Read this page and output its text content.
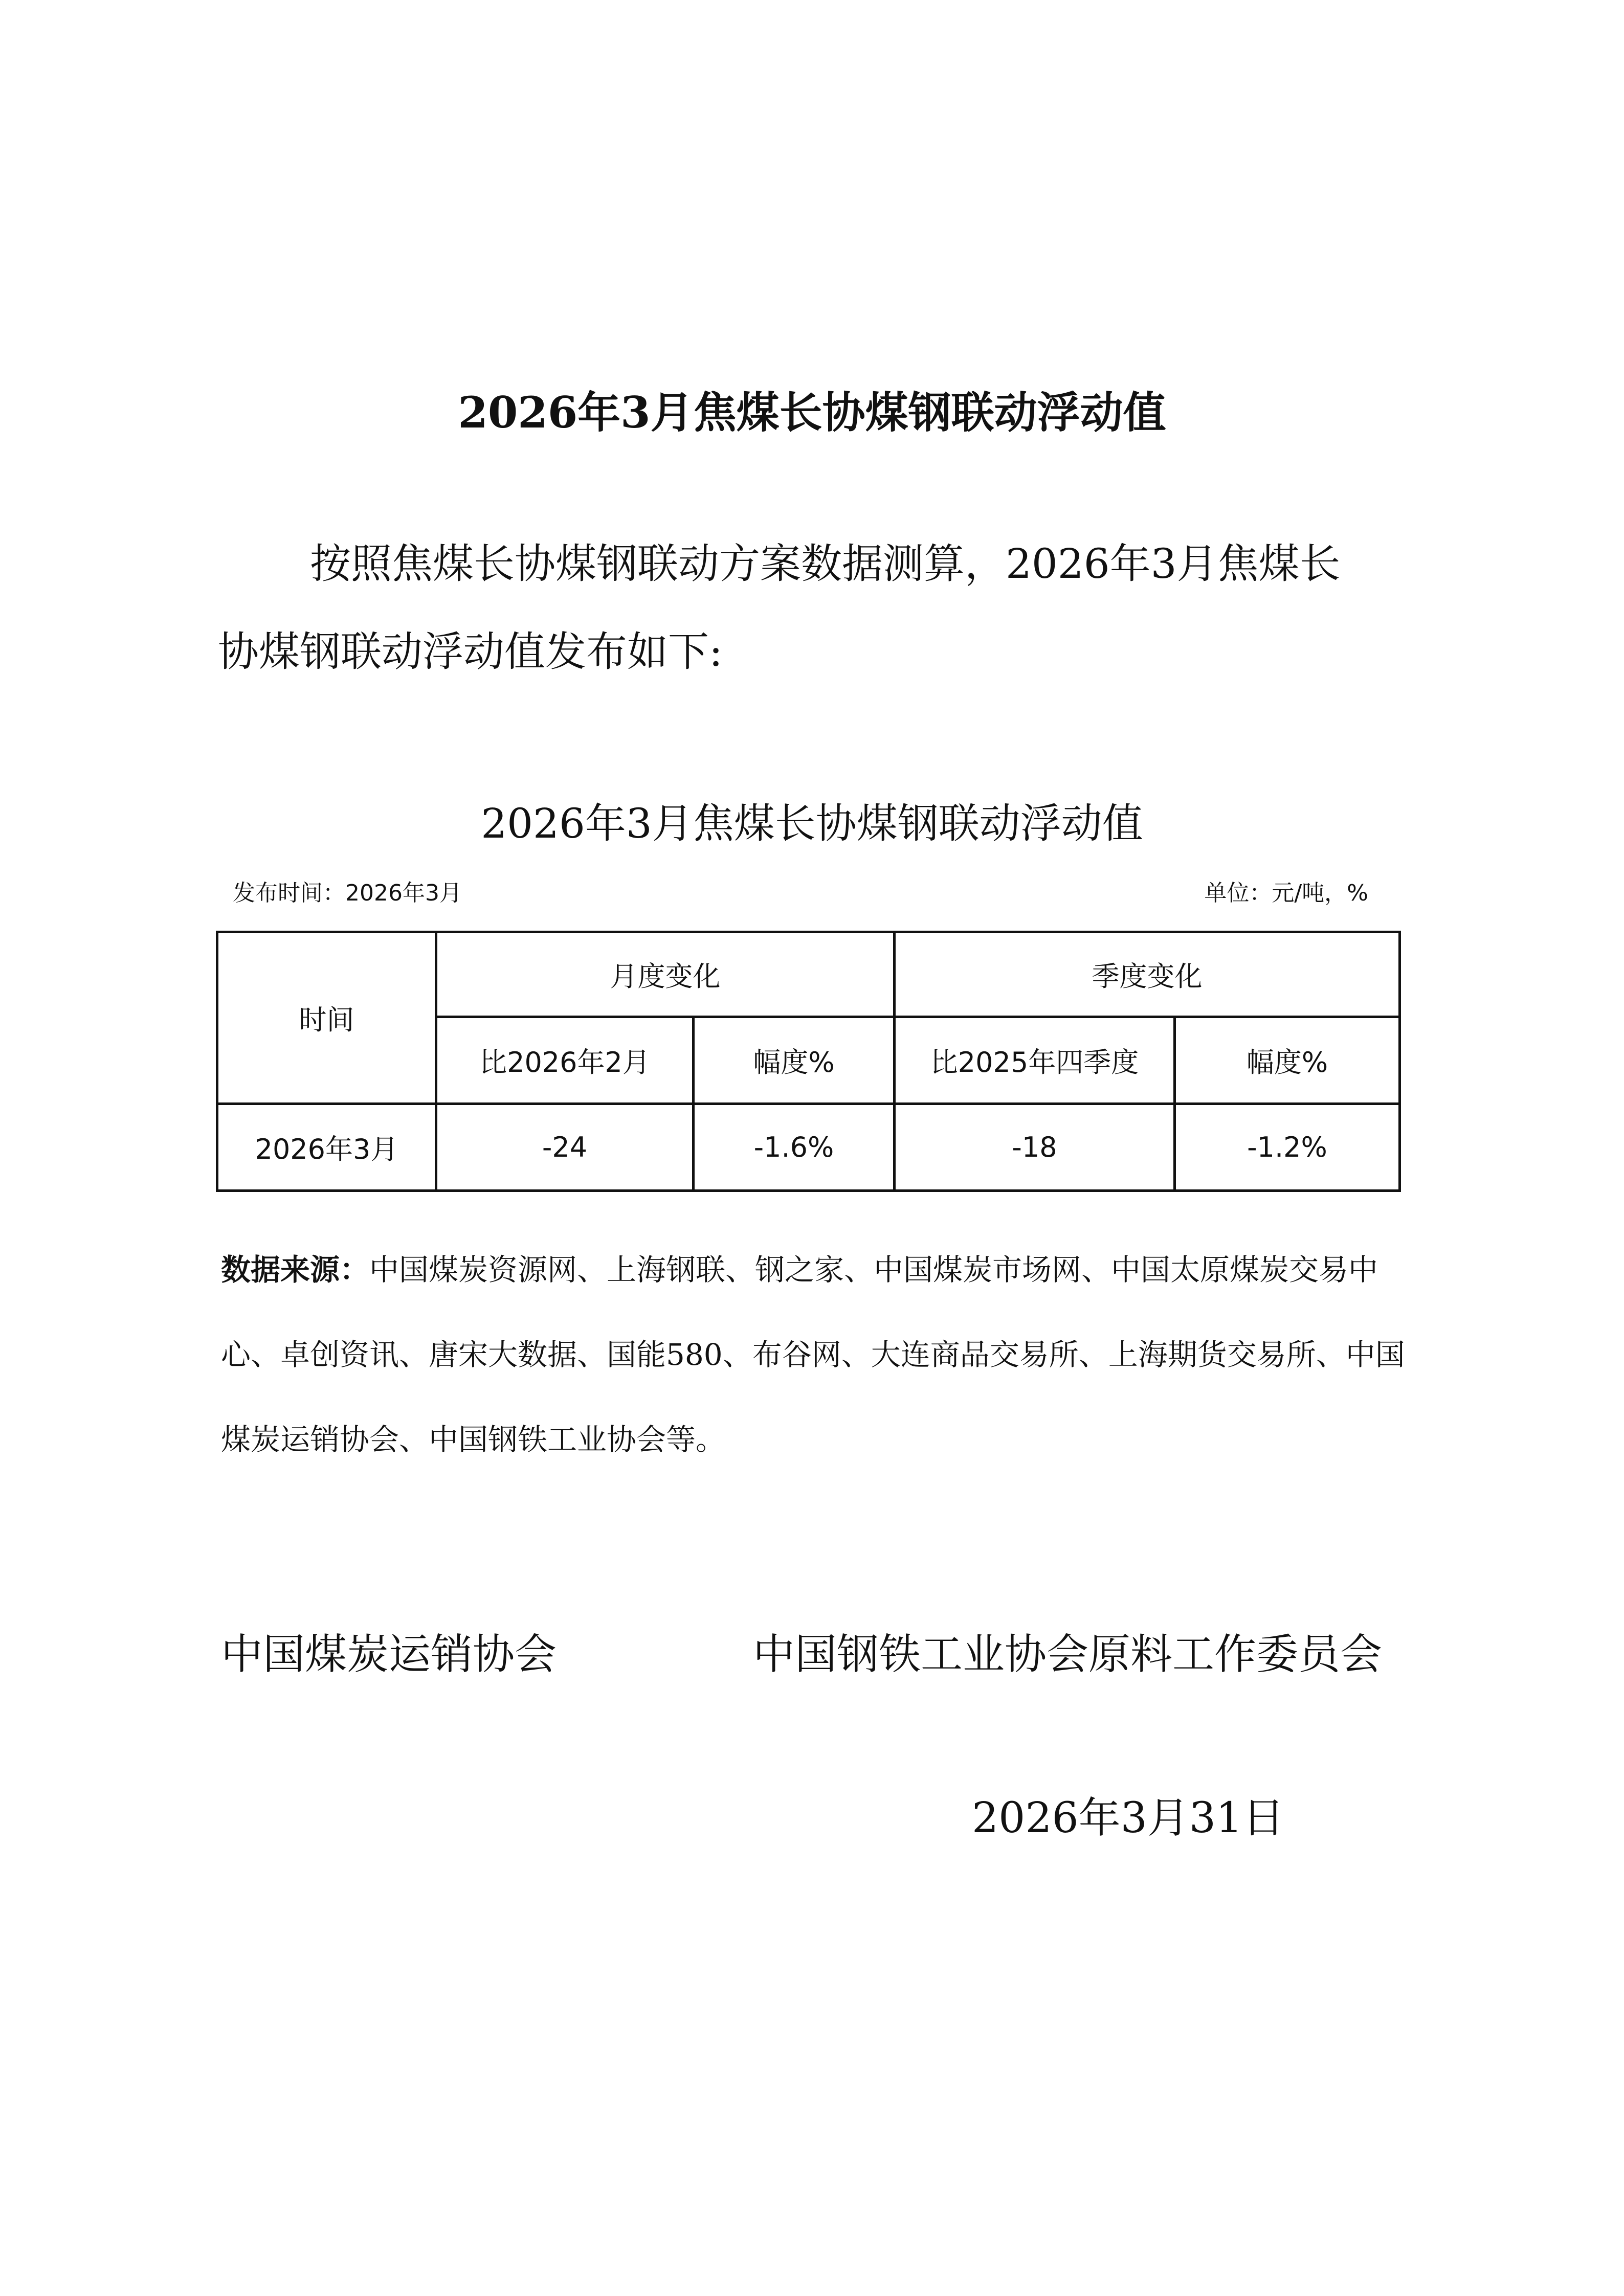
2026年3月焦煤长协煤钢联动浮动值
按照焦煤长协煤钢联动方案数据测算，2026年3月焦煤长
协煤钢联动浮动值发布如下:
2026年3月焦煤长协煤钢联动浮动值
发布时间：2026年3月	单位：元/吨，%
时间	月度变化		季度变化	
	比2026年2月	幅度%	比2025年四季度	幅度%
2026年3月	-24	-1.6%	-18	-1.2%
数据来源：中国煤炭资源网、上海钢联、钢之家、中国煤炭市场网、中国太原煤炭交易中心、卓创资讯、唐宋大数据、国能580、布谷网、大连商品交易所、上海期货交易所、中国煤炭运销协会、中国钢铁工业协会等。
中国煤炭运销协会	中国钢铁工业协会原料工作委员会
2026年3月31日
